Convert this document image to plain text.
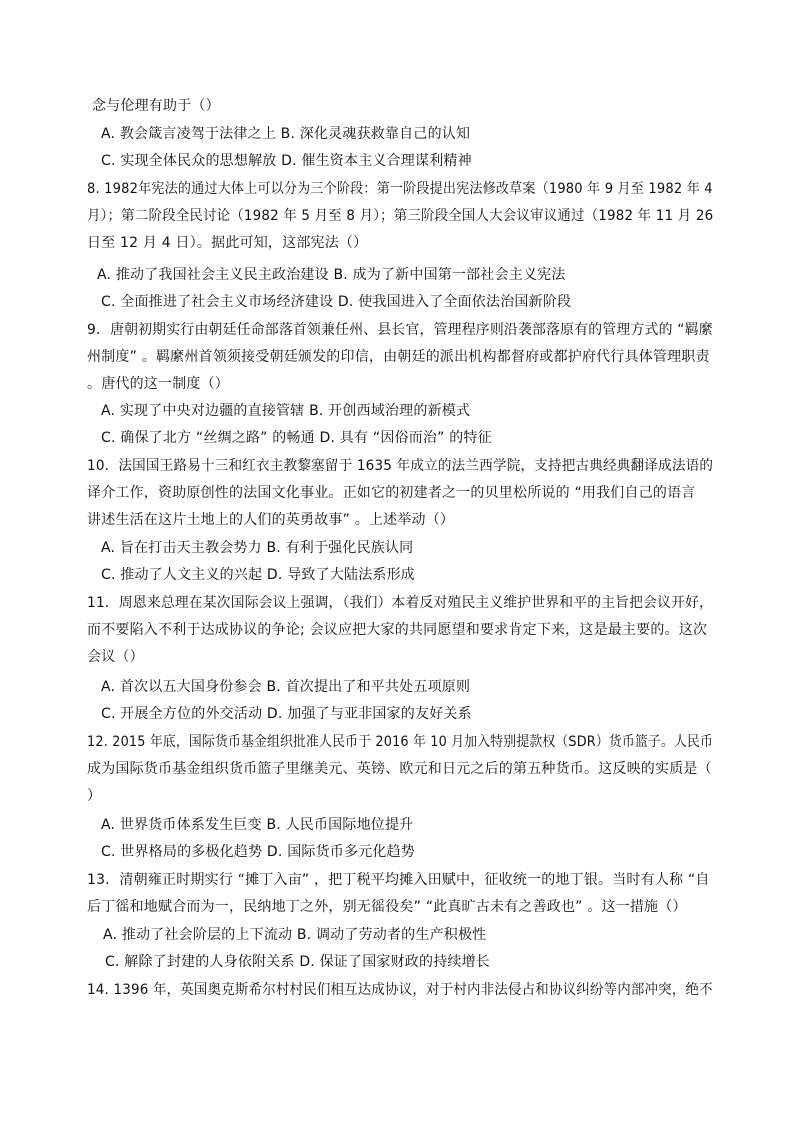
念与伦理有助于（）
A. 教会箴言凌驾于法律之上 B. 深化灵魂获救靠自己的认知
C. 实现全体民众的思想解放 D. 催生资本主义合理谋利精神
8. 1982年宪法的通过大体上可以分为三个阶段：第一阶段提出宪法修改草案（1980 年 9 月至 1982 年 4
月）；第二阶段全民讨论（1982 年 5 月至 8 月）；第三阶段全国人大会议审议通过（1982 年 11 月 26
日至 12 月 4 日）。据此可知，这部宪法（）
A. 推动了我国社会主义民主政治建设 B. 成为了新中国第一部社会主义宪法
C. 全面推进了社会主义市场经济建设 D. 使我国进入了全面依法治国新阶段
9．唐朝初期实行由朝廷任命部落首领兼任州、县长官，管理程序则沿袭部落原有的管理方式的 “羁縻
州制度” 。羁縻州首领须接受朝廷颁发的印信，由朝廷的派出机构都督府或都护府代行具体管理职责
。唐代的这一制度（）
A. 实现了中央对边疆的直接管辖 B. 开创西域治理的新模式
C. 确保了北方 “丝绸之路” 的畅通 D. 具有 “因俗而治” 的特征
10．法国国王路易十三和红衣主教黎塞留于 1635 年成立的法兰西学院，支持把古典经典翻译成法语的
译介工作，资助原创性的法国文化事业。正如它的初建者之一的贝里松所说的 “用我们自己的语言
讲述生活在这片土地上的人们的英勇故事” 。上述举动（）
A. 旨在打击天主教会势力 B. 有利于强化民族认同
C. 推动了人文主义的兴起 D. 导致了大陆法系形成
11．周恩来总理在某次国际会议上强调，（我们）本着反对殖民主义维护世界和平的主旨把会议开好，
而不要陷入不利于达成协议的争论; 会议应把大家的共同愿望和要求肯定下来，这是最主要的。这次
会议（）
A. 首次以五大国身份参会 B. 首次提出了和平共处五项原则
C. 开展全方位的外交活动 D. 加强了与亚非国家的友好关系
12. 2015 年底，国际货币基金组织批准人民币于 2016 年 10 月加入特别提款权（SDR）货币篮子。人民币
成为国际货币基金组织货币篮子里继美元、英镑、欧元和日元之后的第五种货币。这反映的实质是（
）
A. 世界货币体系发生巨变 B. 人民币国际地位提升
C. 世界格局的多极化趋势 D. 国际货币多元化趋势
13．清朝雍正时期实行 “摊丁入亩” ，把丁税平均摊入田赋中，征收统一的地丁银。当时有人称 “自
后丁徭和地赋合而为一，民纳地丁之外，别无徭役矣” “此真旷古未有之善政也” 。这一措施（）
A. 推动了社会阶层的上下流动 B. 调动了劳动者的生产积极性
C. 解除了封建的人身依附关系 D. 保证了国家财政的持续增长
14. 1396 年，英国奥克斯希尔村村民们相互达成协议，对于村内非法侵占和协议纠纷等内部冲突，绝不
